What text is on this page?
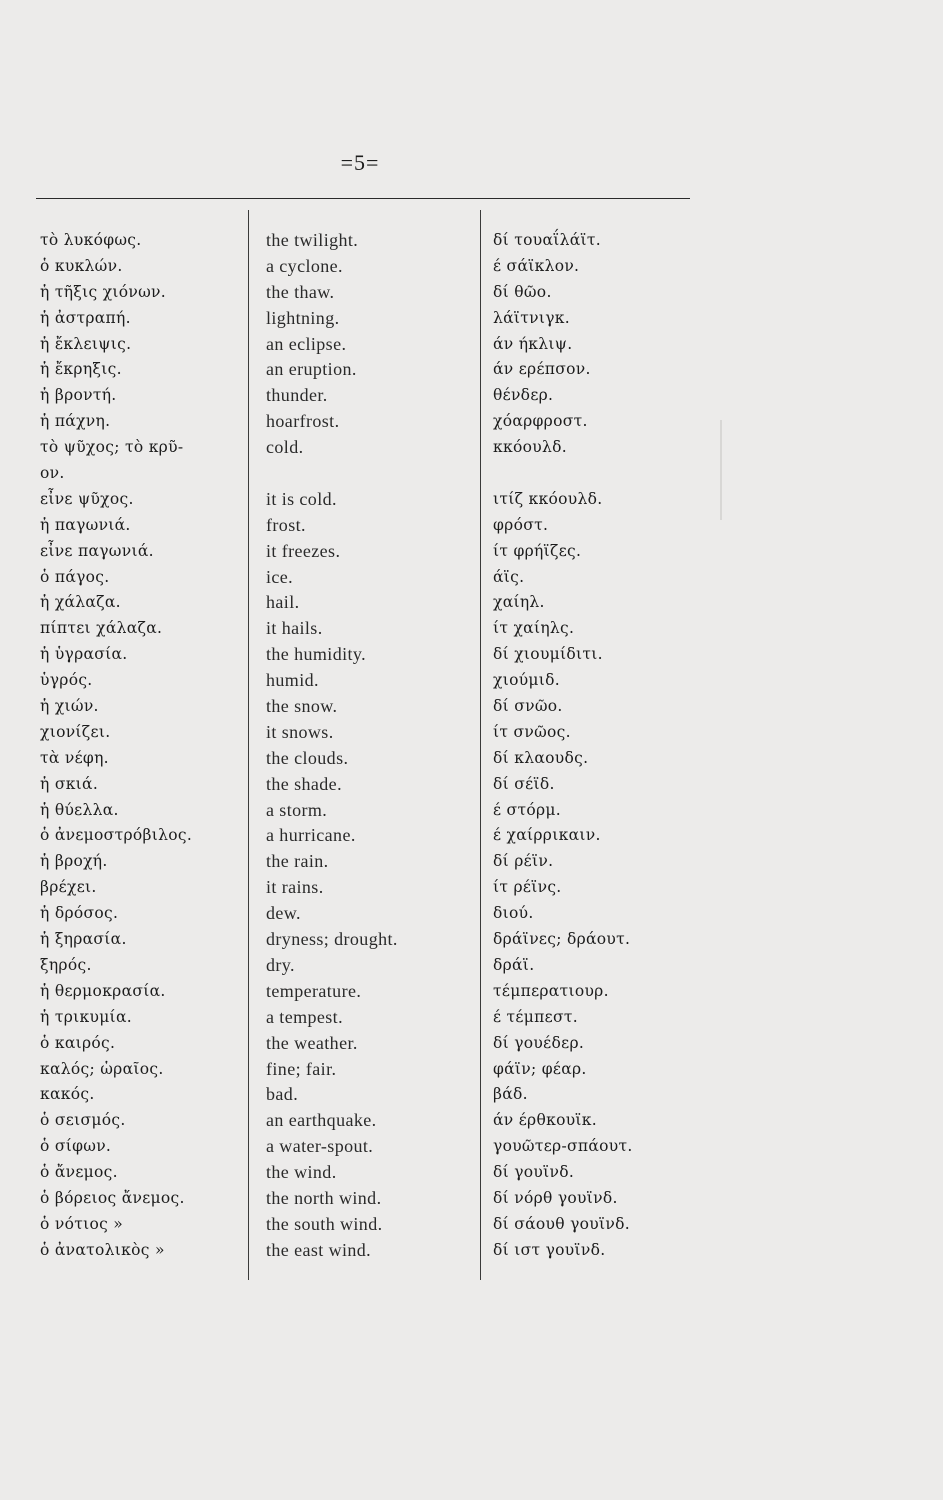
=5=
τὸ λυκόφως.
ὁ κυκλών.
ἡ τῆξις χιόνων.
ἡ ἀστραπή.
ἡ ἔκλειψις.
ἡ ἔκρηξις.
ἡ βροντή.
ἡ πάχνη.
τὸ ψῦχος; τὸ κρῦ-
ον.
εἶνε ψῦχος.
ἡ παγωνιά.
εἶνε παγωνιά.
ὁ πάγος.
ἡ χάλαζα.
πίπτει χάλαζα.
ἡ ὑγρασία.
ὑγρός.
ἡ χιών.
χιονίζει.
τὰ νέφη.
ἡ σκιά.
ἡ θύελλα.
ὁ ἀνεμοστρόβιλος.
ἡ βροχή.
βρέχει.
ἡ δρόσος.
ἡ ξηρασία.
ξηρός.
ἡ θερμοκρασία.
ἡ τρικυμία.
ὁ καιρός.
καλός; ὡραῖος.
κακός.
ὁ σεισμός.
ὁ σίφων.
ὁ ἄνεμος.
ὁ βόρειος ἄνεμος.
ὁ νότιος »
ὁ ἀνατολικὸς »
the twilight.
a cyclone.
the thaw.
lightning.
an eclipse.
an eruption.
thunder.
hoarfrost.
cold.
it is cold.
frost.
it freezes.
ice.
hail.
it hails.
the humidity.
humid.
the snow.
it snows.
the clouds.
the shade.
a storm.
a hurricane.
the rain.
it rains.
dew.
dryness; drought.
dry.
temperature.
a tempest.
the weather.
fine; fair.
bad.
an earthquake.
a water-spout.
the wind.
the north wind.
the south wind.
the east wind.
δί τουαΐλάϊτ.
έ σάϊκλον.
δί θῶο.
λάϊτνιγκ.
άν ήκλιψ.
άν ερέπσον.
θένδερ.
χόαρφροστ.
κκόουλδ.
ιτίζ κκόουλδ.
φρόστ.
ίτ φρήϊζες.
άϊς.
χαίηλ.
ίτ χαίηλς.
δί χιουμίδιτι.
χιούμιδ.
δί σνῶο.
ίτ σνῶος.
δί κλαουδς.
δί σέϊδ.
έ στόρμ.
έ χαίρρικαιν.
δί ρέϊν.
ίτ ρέϊνς.
διού.
δράϊνες; δράουτ.
δράϊ.
τέμπερατιουρ.
έ τέμπεστ.
δί γουέδερ.
φάϊν; φέαρ.
βάδ.
άν έρθκουϊκ.
γουῶτερ-σπάουτ.
δί γουϊνδ.
δί νόρθ γουϊνδ.
δί σάουθ γουϊνδ.
δί ιστ γουϊνδ.
